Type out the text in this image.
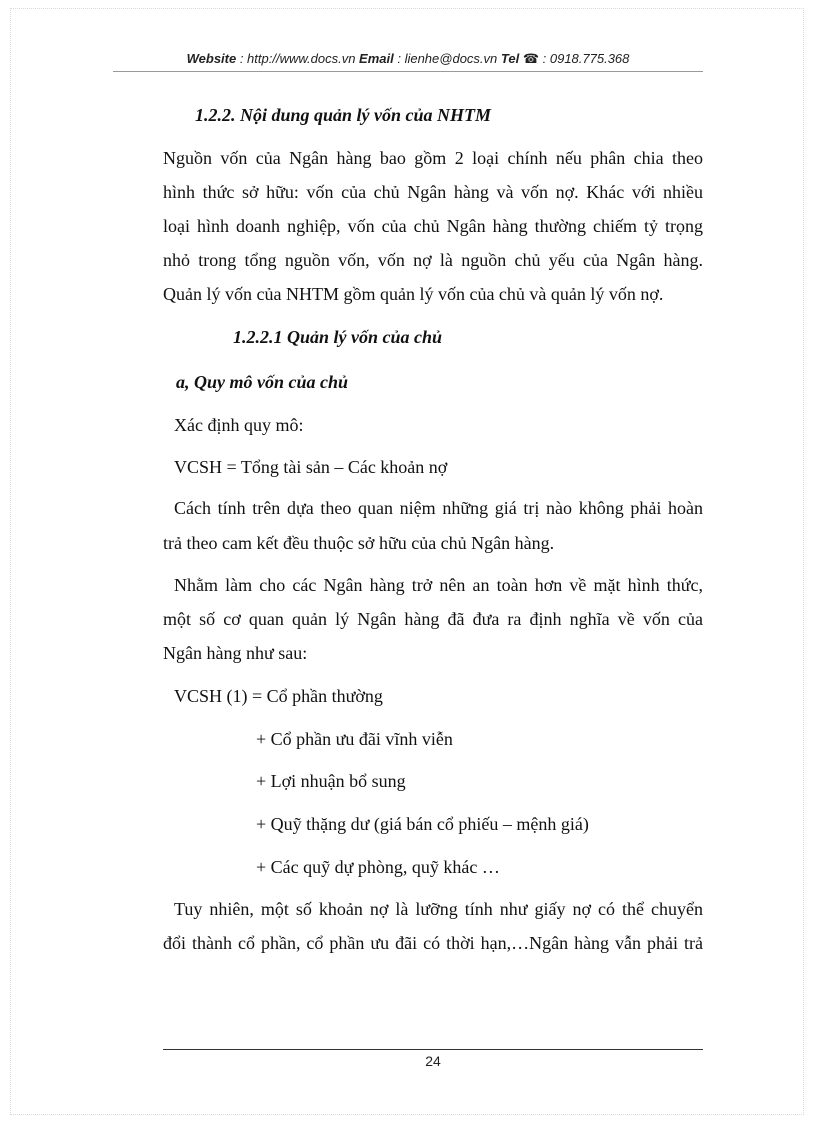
Website : http://www.docs.vn Email : lienhe@docs.vn Tel ☎ : 0918.775.368
1.2.2. Nội dung quản lý vốn của NHTM
Nguồn vốn của Ngân hàng bao gồm 2 loại chính nếu phân chia theo
hình thức sở hữu: vốn của chủ Ngân hàng và vốn nợ. Khác với nhiều
loại hình doanh nghiệp, vốn của chủ Ngân hàng thường chiếm tỷ trọng
nhỏ trong tổng nguồn vốn, vốn nợ là nguồn chủ yếu của Ngân hàng.
Quản lý vốn của NHTM gồm quản lý vốn của chủ và quản lý vốn nợ.
1.2.2.1 Quản lý vốn của chủ
a, Quy mô vốn của chủ
Xác định quy mô:
VCSH = Tổng tài sản – Các khoản nợ
Cách tính trên dựa theo quan niệm những giá trị nào không phải hoàn
trả theo cam kết đều thuộc sở hữu của chủ Ngân hàng.
Nhằm làm cho các Ngân hàng trở nên an toàn hơn về mặt hình thức,
một số cơ quan quản lý Ngân hàng đã đưa ra định nghĩa về vốn của
Ngân hàng như sau:
VCSH (1) = Cổ phần thường
+ Cổ phần ưu đãi vĩnh viễn
+ Lợi nhuận bổ sung
+ Quỹ thặng dư (giá bán cổ phiếu – mệnh giá)
+ Các quỹ dự phòng, quỹ khác …
Tuy nhiên, một số khoản nợ là lưỡng tính như giấy nợ có thể chuyển
đổi thành cổ phần, cổ phần ưu đãi có thời hạn,…Ngân hàng vẫn phải trả
24
